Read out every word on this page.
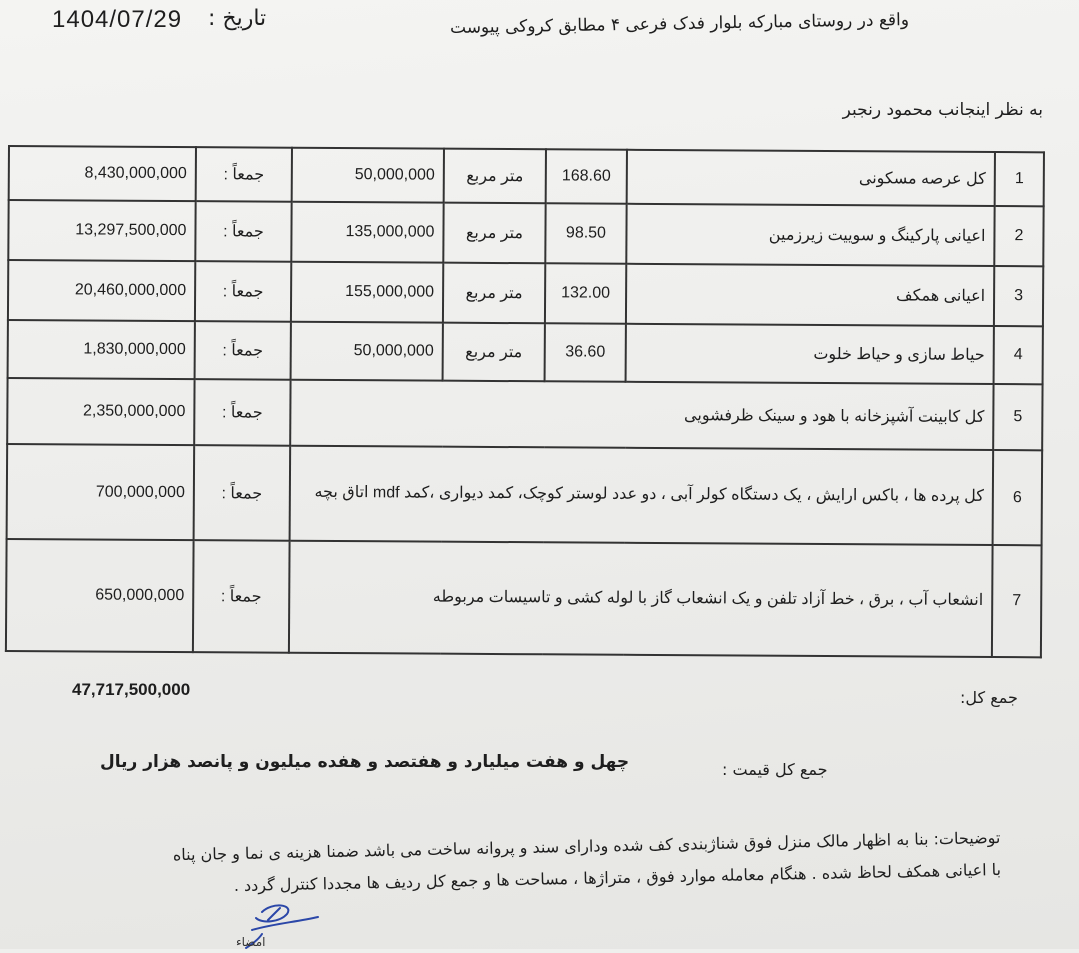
تاریخ :
1404/07/29	واقع در روستای مبارکه بلوار فدک فرعی ۴ مطابق کروکی پیوست
به نظر اینجانب محمود رنجبر
8,430,000,000	جمعاً :	50,000,000	متر مربع	168.60	کل عرصه مسکونی	1
13,297,500,000	جمعاً :	135,000,000	متر مربع	98.50	اعیانی پارکینگ و سوییت زیرزمین	2
20,460,000,000	جمعاً :	155,000,000	متر مربع	132.00	اعیانی همکف	3
1,830,000,000	جمعاً :	50,000,000	متر مربع	36.60	حیاط سازی و حیاط خلوت	4
2,350,000,000	جمعاً :	کل کابینت آشپزخانه با هود و سینک ظرفشویی				5
700,000,000	جمعاً :	کل پرده ها ، باکس ارایش ، یک دستگاه کولر آبی ، دو عدد لوستر کوچک، کمد دیواری ،کمد mdf اتاق بچه				6
650,000,000	جمعاً :	انشعاب آب ، برق ، خط آزاد تلفن و یک انشعاب گاز با لوله کشی و تاسیسات مربوطه				7
جمع کل:
47,717,500,000
جمع کل قیمت :
چهل و هفت میلیارد و هفتصد و هفده میلیون و پانصد هزار ریال
توضیحات: بنا به اظهار مالک منزل فوق شناژبندی کف شده ودارای سند و پروانه ساخت می باشد ضمنا هزینه ی نما و جان پناه با اعیانی همکف لحاظ شده . هنگام معامله موارد فوق ، متراژها ، مساحت ها و جمع کل ردیف ها مجددا کنترل گردد .
امضاء
